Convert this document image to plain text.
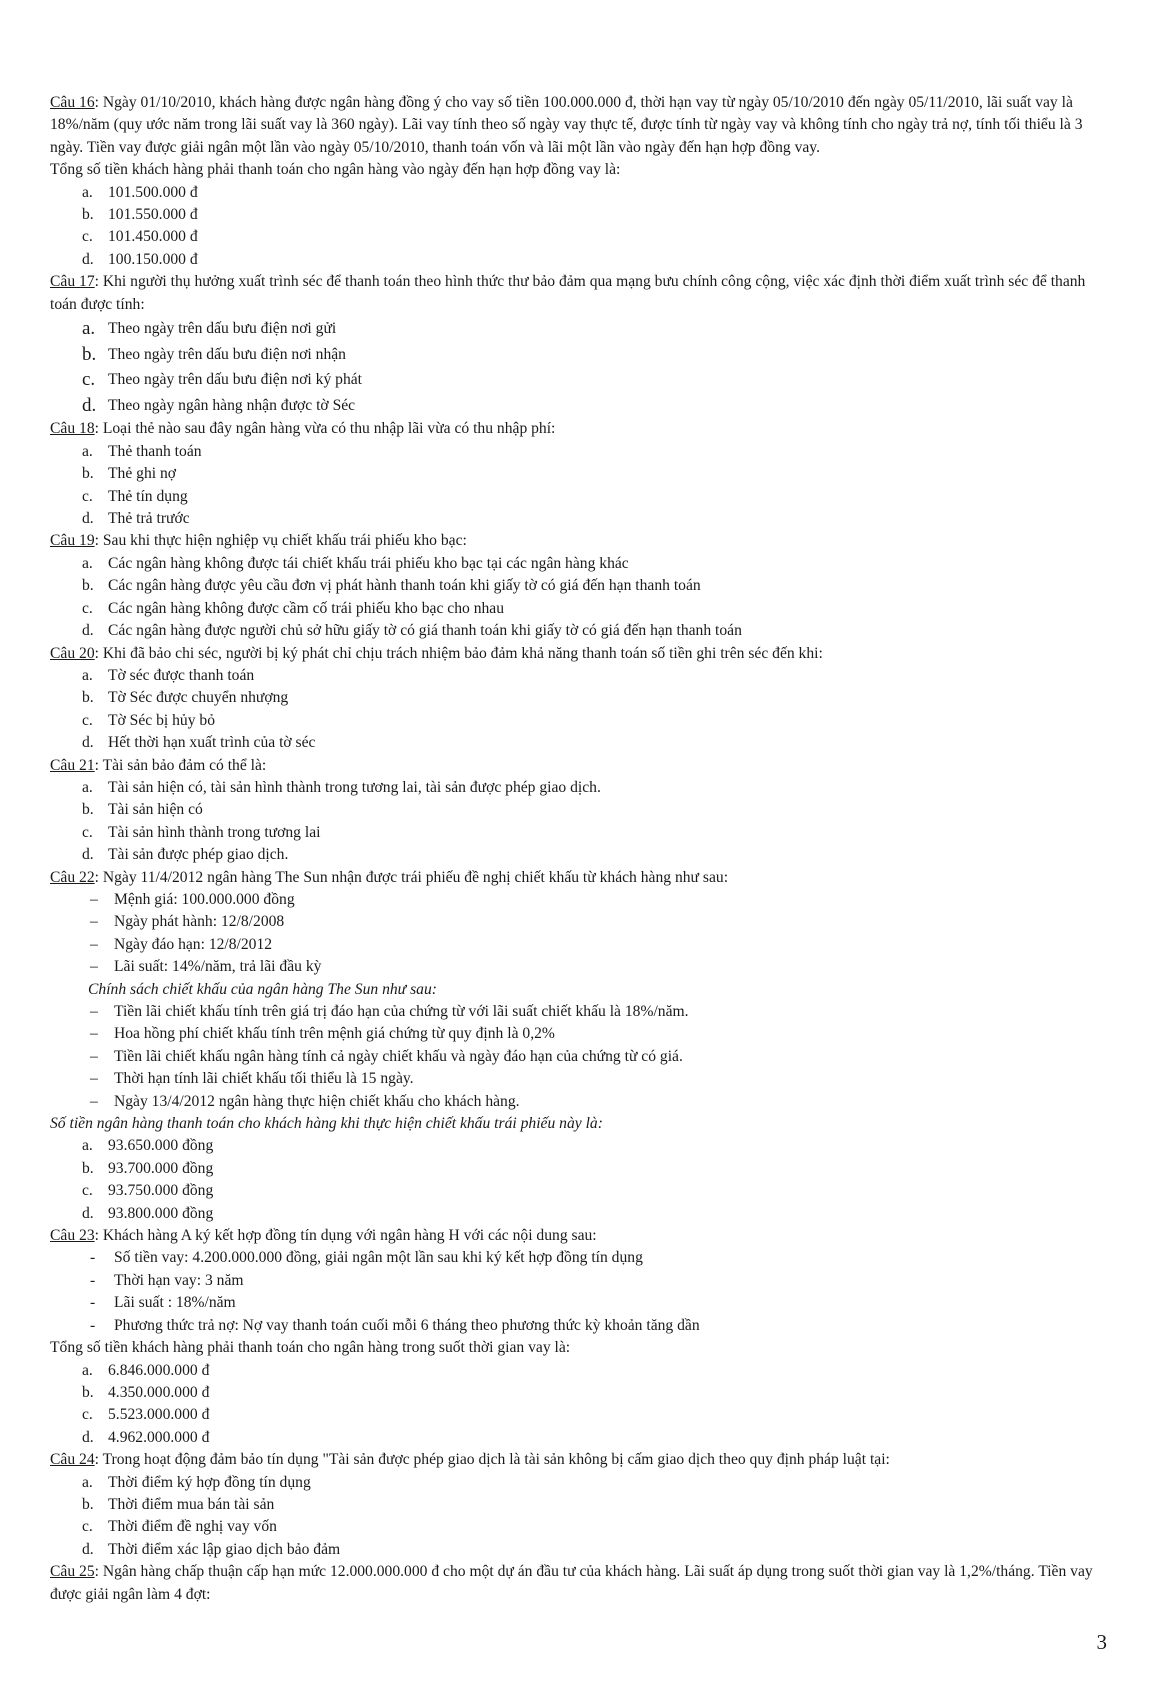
Câu 16: Ngày 01/10/2010, khách hàng được ngân hàng đồng ý cho vay số tiền 100.000.000 đ, thời hạn vay từ ngày 05/10/2010 đến ngày 05/11/2010, lãi suất vay là 18%/năm (quy ước năm trong lãi suất vay là 360 ngày). Lãi vay tính theo số ngày vay thực tế, được tính từ ngày vay và không tính cho ngày trả nợ, tính tối thiểu là 3 ngày. Tiền vay được giải ngân một lần vào ngày 05/10/2010, thanh toán vốn và lãi một lần vào ngày đến hạn hợp đồng vay.

Tổng số tiền khách hàng phải thanh toán cho ngân hàng vào ngày đến hạn hợp đồng vay là:

a. 101.500.000 đ
b. 101.550.000 đ
c. 101.450.000 đ
d. 100.150.000 đ

Câu 17: Khi người thụ hưởng xuất trình séc để thanh toán theo hình thức thư bảo đảm qua mạng bưu chính công cộng, việc xác định thời điểm xuất trình séc để thanh toán được tính:

a. Theo ngày trên dấu bưu điện nơi gửi
b. Theo ngày trên dấu bưu điện nơi nhận
c. Theo ngày trên dấu bưu điện nơi ký phát
d. Theo ngày ngân hàng nhận được tờ Séc

Câu 18: Loại thẻ nào sau đây ngân hàng vừa có thu nhập lãi vừa có thu nhập phí:

a. Thẻ thanh toán
b. Thẻ ghi nợ
c. Thẻ tín dụng
d. Thẻ trả trước

Câu 19: Sau khi thực hiện nghiệp vụ chiết khấu trái phiếu kho bạc:

a. Các ngân hàng không được tái chiết khấu trái phiếu kho bạc tại các ngân hàng khác
b. Các ngân hàng được yêu cầu đơn vị phát hành thanh toán khi giấy tờ có giá đến hạn thanh toán
c. Các ngân hàng không được cầm cố trái phiếu kho bạc cho nhau
d. Các ngân hàng được người chủ sở hữu giấy tờ có giá thanh toán khi giấy tờ có giá đến hạn thanh toán

Câu 20: Khi đã bảo chi séc, người bị ký phát chỉ chịu trách nhiệm bảo đảm khả năng thanh toán số tiền ghi trên séc đến khi:

a. Tờ séc được thanh toán
b. Tờ Séc được chuyển nhượng
c. Tờ Séc bị hủy bỏ
d. Hết thời hạn xuất trình của tờ séc

Câu 21: Tài sản bảo đảm có thể là:

a. Tài sản hiện có, tài sản hình thành trong tương lai, tài sản được phép giao dịch.
b. Tài sản hiện có
c. Tài sản hình thành trong tương lai
d. Tài sản được phép giao dịch.

Câu 22: Ngày 11/4/2012 ngân hàng The Sun nhận được trái phiếu đề nghị chiết khấu từ khách hàng như sau:

–	Mệnh giá: 100.000.000 đồng
–	Ngày phát hành: 12/8/2008
–	Ngày đáo hạn: 12/8/2012
–	Lãi suất: 14%/năm, trả lãi đầu kỳ

Chính sách chiết khấu của ngân hàng The Sun như sau:

–	Tiền lãi chiết khấu tính trên giá trị đáo hạn của chứng từ với lãi suất chiết khấu là 18%/năm.
–	Hoa hồng phí chiết khấu tính trên mệnh giá chứng từ quy định là 0,2%
–	Tiền lãi chiết khấu ngân hàng tính cả ngày chiết khấu và ngày đáo hạn của chứng từ có giá.
–	Thời hạn tính lãi chiết khấu tối thiểu là 15 ngày.
–	Ngày 13/4/2012 ngân hàng thực hiện chiết khấu cho khách hàng.

Số tiền ngân hàng thanh toán cho khách hàng khi thực hiện chiết khấu trái phiếu này là:

a. 93.650.000 đồng
b. 93.700.000 đồng
c. 93.750.000 đồng
d. 93.800.000 đồng

Câu 23: Khách hàng A ký kết hợp đồng tín dụng với ngân hàng H với các nội dung sau:

-	Số tiền vay: 4.200.000.000 đồng, giải ngân một lần sau khi ký kết hợp đồng tín dụng
-	Thời hạn vay: 3 năm
-	Lãi suất : 18%/năm
-	Phương thức trả nợ: Nợ vay thanh toán cuối mỗi 6 tháng theo phương thức kỳ khoản tăng dần

Tổng số tiền khách hàng phải thanh toán cho ngân hàng trong suốt thời gian vay là:

a. 6.846.000.000 đ
b. 4.350.000.000 đ
c. 5.523.000.000 đ
d. 4.962.000.000 đ

Câu 24: Trong hoạt động đảm bảo tín dụng "Tài sản được phép giao dịch là tài sản không bị cấm giao dịch theo quy định pháp luật tại:

a. Thời điểm ký hợp đồng tín dụng
b. Thời điểm mua bán tài sản
c. Thời điểm đề nghị vay vốn
d. Thời điểm xác lập giao dịch bảo đảm

Câu 25: Ngân hàng chấp thuận cấp hạn mức 12.000.000.000 đ cho một dự án đầu tư của khách hàng. Lãi suất áp dụng trong suốt thời gian vay là 1,2%/tháng. Tiền vay được giải ngân làm 4 đợt:

3
